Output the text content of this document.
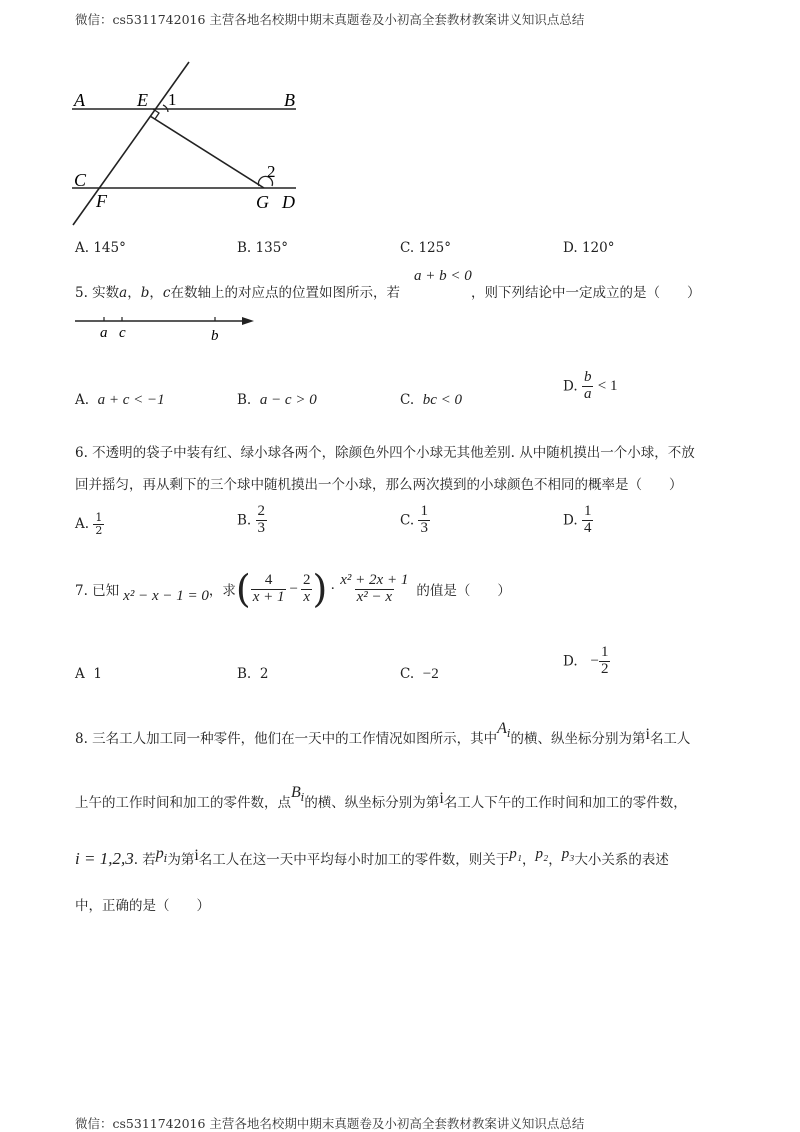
微信：cs5311742016 主营各地名校期中期末真题卷及小初高全套教材教案讲义知识点总结
微信：cs5311742016 主营各地名校期中期末真题卷及小初高全套教材教案讲义知识点总结
A	E 1	B
C	2
F	G D
A. 145°	B. 135°	C. 125°	D. 120°
5. 实数a，b，c在数轴上的对应点的位置如图所示，若
a + b < 0
，则下列结论中一定成立的是（　　）
a c	b
A. a + c < −1	B. a − c > 0	C. bc < 0
D. $\frac{b}{a} < 1$
6. 不透明的袋子中装有红、绿小球各两个，除颜色外四个小球无其他差别. 从中随机摸出一个小球，不放
回并摇匀，再从剩下的三个球中随机摸出一个小球，那么两次摸到的小球颜色不相同的概率是（　　）
A. $\frac{1}{2}$	B. $\frac{2}{3}$	C. $\frac{1}{3}$	D. $\frac{1}{4}$
7. 已知 x² − x − 1 = 0 ，求 ( $\frac{4}{x + 1} - \frac{2}{x}$ ) · $\frac{\text{x² + 2x + 1}}{\text{x² − x}}$ 的值是（　　）
A 1	B. 2	C. −2
D. − $\frac{1}{2}$
8. 三名工人加工同一种零件，他们在一天中的工作情况如图所示，其中$A_i$的横、纵坐标分别为第i名工人
上午的工作时间和加工的零件数，点$B_i$的横、纵坐标分别为第i名工人下午的工作时间和加工的零件数，
i = 1,2,3. 若$p_i$为第i名工人在这一天中平均每小时加工的零件数，则关于p₁，p₂，p₃大小关系的表述
中，正确的是（　　）
